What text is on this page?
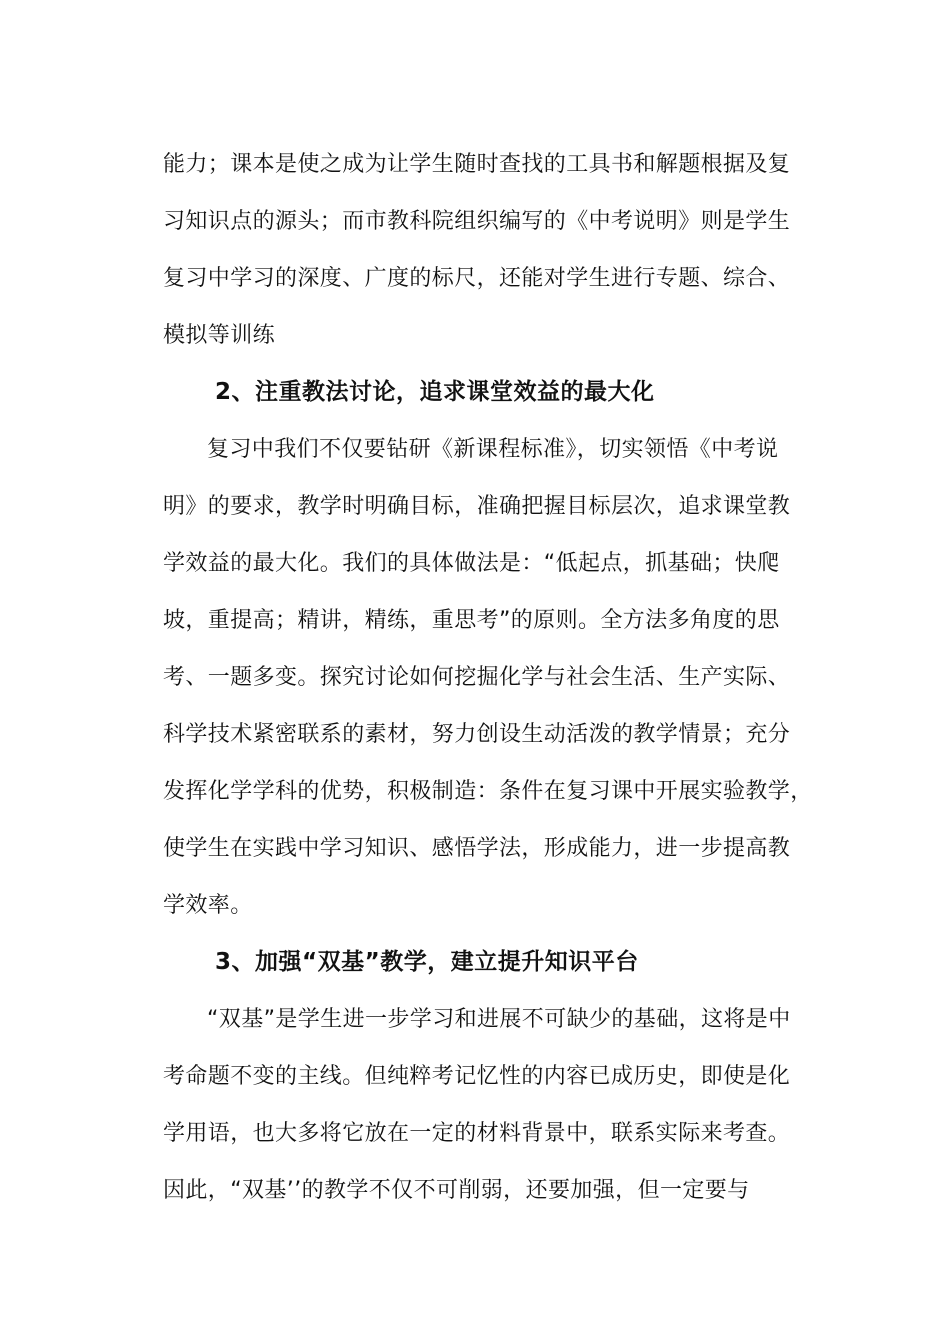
能力；课本是使之成为让学生随时查找的工具书和解题根据及复
习知识点的源头；而市教科院组织编写的《中考说明》则是学生
复习中学习的深度、广度的标尺，还能对学生进行专题、综合、
模拟等训练
2、注重教法讨论，追求课堂效益的最大化
复习中我们不仅要钻研《新课程标准》，切实领悟《中考说
明》的要求，教学时明确目标，准确把握目标层次，追求课堂教
学效益的最大化。我们的具体做法是：“低起点，抓基础；快爬
坡，重提高；精讲，精练，重思考”的原则。全方法多角度的思
考、一题多变。探究讨论如何挖掘化学与社会生活、生产实际、
科学技术紧密联系的素材，努力创设生动活泼的教学情景；充分
发挥化学学科的优势，积极制造：条件在复习课中开展实验教学，
使学生在实践中学习知识、感悟学法，形成能力，进一步提高教
学效率。
3、加强“双基”教学，建立提升知识平台
“双基”是学生进一步学习和进展不可缺少的基础，这将是中
考命题不变的主线。但纯粹考记忆性的内容已成历史，即使是化
学用语，也大多将它放在一定的材料背景中，联系实际来考查。
因此，“双基’’的教学不仅不可削弱，还要加强，但一定要与
